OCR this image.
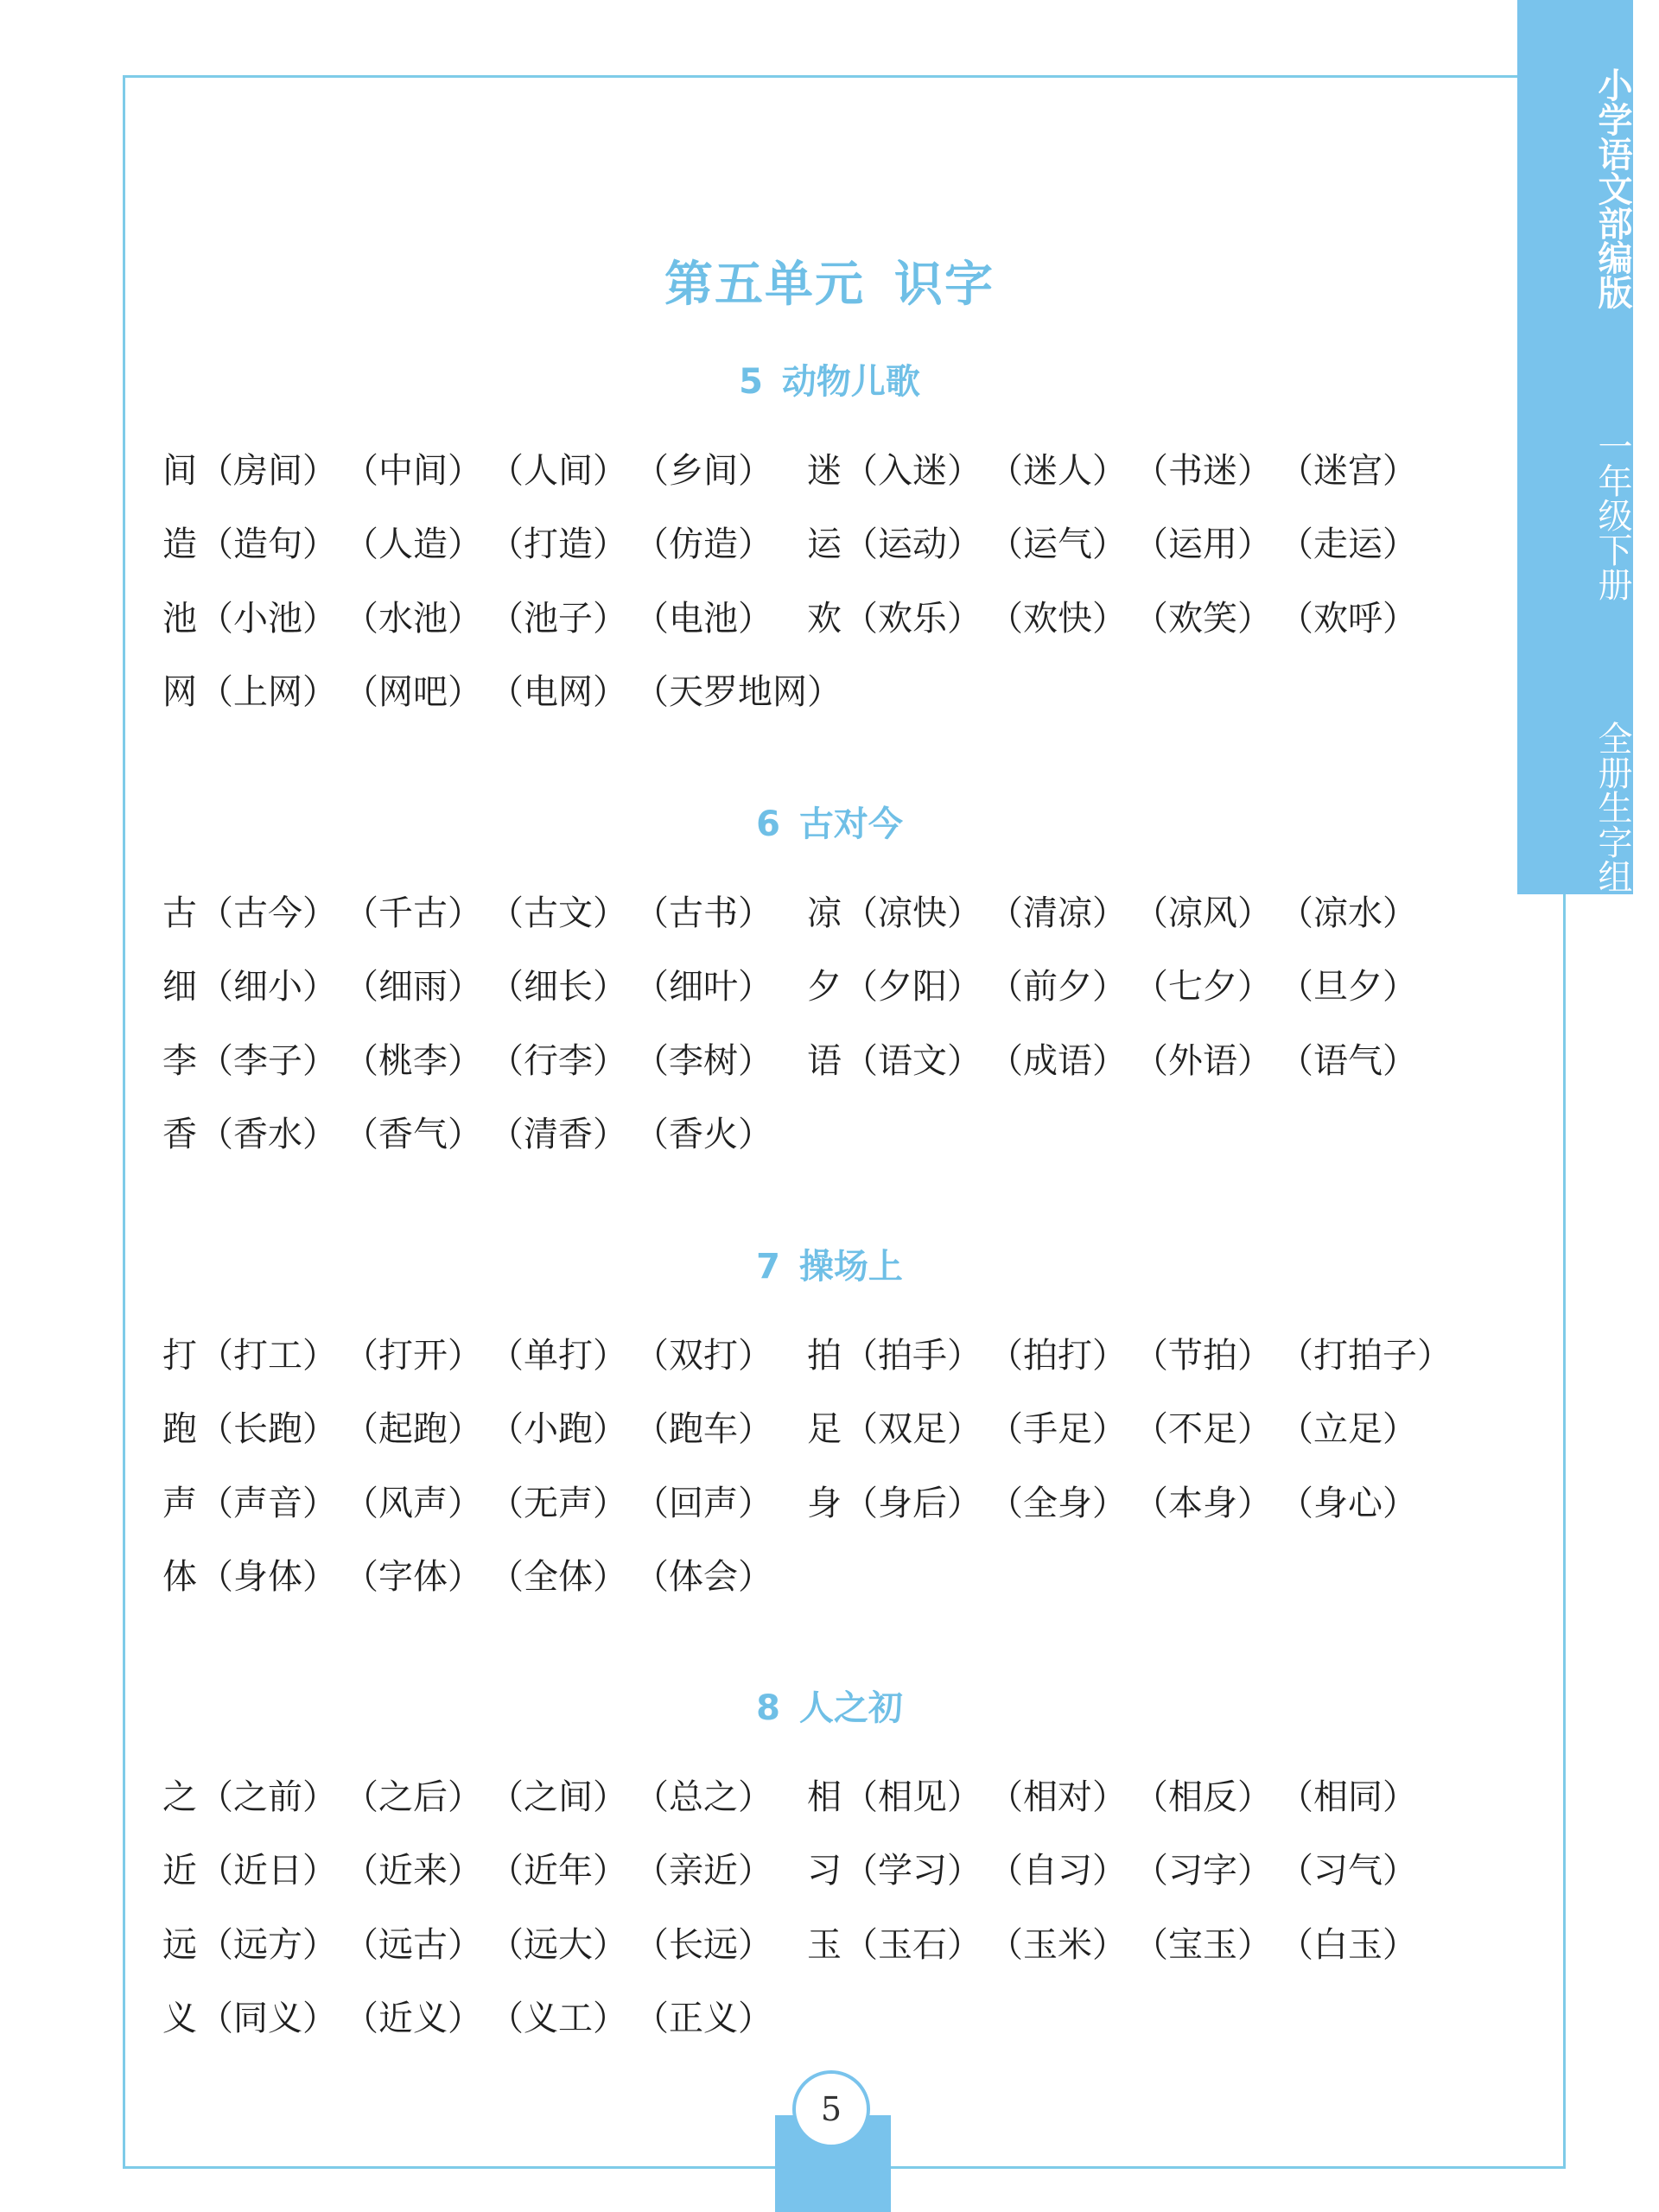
小学语文部编版   一年级下册   全册生字组词
第五单元 识字
5 动物儿歌
间 （房间） （中间） （人间） （乡间） 迷 （入迷） （迷人） （书迷） （迷宫）
造 （造句） （人造） （打造） （仿造） 运 （运动） （运气） （运用） （走运）
池 （小池） （水池） （池子） （电池） 欢 （欢乐） （欢快） （欢笑） （欢呼）
网 （上网） （网吧） （电网） （天罗地网）
6 古对今
古 （古今） （千古） （古文） （古书） 凉 （凉快） （清凉） （凉风） （凉水）
细 （细小） （细雨） （细长） （细叶） 夕 （夕阳） （前夕） （七夕） （旦夕）
李 （李子） （桃李） （行李） （李树） 语 （语文） （成语） （外语） （语气）
香 （香水） （香气） （清香） （香火）
7 操场上
打 （打工） （打开） （单打） （双打） 拍 （拍手） （拍打） （节拍） （打拍子）
跑 （长跑） （起跑） （小跑） （跑车） 足 （双足） （手足） （不足） （立足）
声 （声音） （风声） （无声） （回声） 身 （身后） （全身） （本身） （身心）
体 （身体） （字体） （全体） （体会）
8 人之初
之 （之前） （之后） （之间） （总之） 相 （相见） （相对） （相反） （相同）
近 （近日） （近来） （近年） （亲近） 习 （学习） （自习） （习字） （习气）
远 （远方） （远古） （远大） （长远） 玉 （玉石） （玉米） （宝玉） （白玉）
义 （同义） （近义） （义工） （正义）
5
